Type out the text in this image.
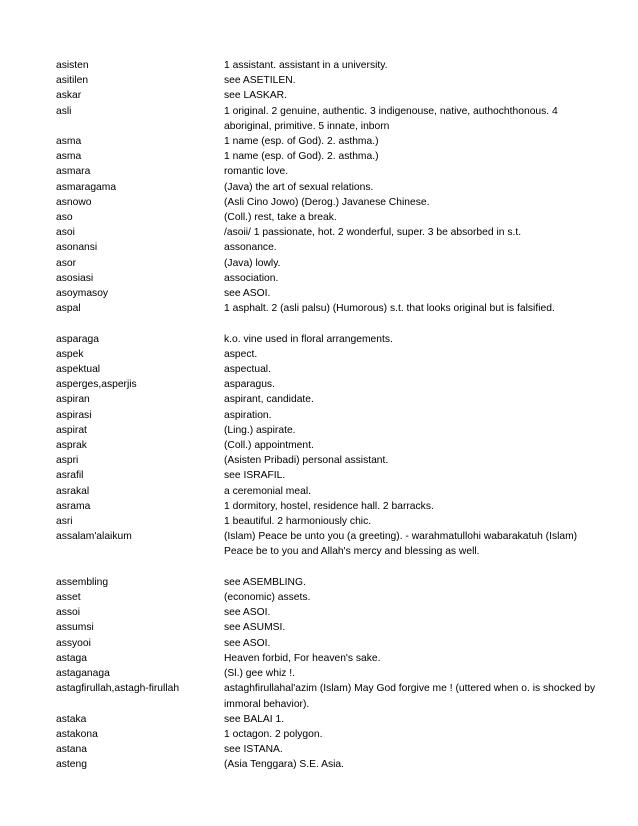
asisten	1 assistant. assistant in a university.
asitilen	see ASETILEN.
askar	see LASKAR.
asli	1 original. 2 genuine, authentic. 3 indigenouse, native, authochthonous. 4 aboriginal, primitive. 5 innate, inborn
asma	1 name (esp. of God). 2. asthma.)
asma	1 name (esp. of God). 2. asthma.)
asmara	romantic love.
asmaragama	(Java) the art of sexual relations.
asnowo	(Asli Cino Jowo) (Derog.) Javanese Chinese.
aso	(Coll.) rest, take a break.
asoi	/asoii/ 1 passionate, hot. 2 wonderful, super. 3 be absorbed in s.t.
asonansi	assonance.
asor	(Java) lowly.
asosiasi	association.
asoymasoy	see ASOI.
aspal	1 asphalt. 2 (asli palsu) (Humorous) s.t. that looks original but is falsified.
asparaga	k.o. vine used in floral arrangements.
aspek	aspect.
aspektual	aspectual.
asperges,asperjis	asparagus.
aspiran	aspirant, candidate.
aspirasi	aspiration.
aspirat	(Ling.) aspirate.
asprak	(Coll.) appointment.
aspri	(Asisten Pribadi) personal assistant.
asrafil	see ISRAFIL.
asrakal	a ceremonial meal.
asrama	1 dormitory, hostel, residence hall. 2 barracks.
asri	1 beautiful. 2 harmoniously chic.
assalam'alaikum	(Islam) Peace be unto you (a greeting). - warahmatullohi wabarakatuh (Islam) Peace be to you and Allah's mercy and blessing as well.
assembling	see ASEMBLING.
asset	(economic) assets.
assoi	see ASOI.
assumsi	see ASUMSI.
assyooi	see ASOI.
astaga	Heaven forbid, For heaven's sake.
astaganaga	(Sl.) gee whiz !.
astagfirullah,astagh-firullah	astaghfirullahal'azim (Islam) May God forgive me ! (uttered when o. is shocked by immoral behavior).
astaka	see BALAI 1.
astakona	1 octagon. 2 polygon.
astana	see ISTANA.
asteng	(Asia Tenggara) S.E. Asia.
